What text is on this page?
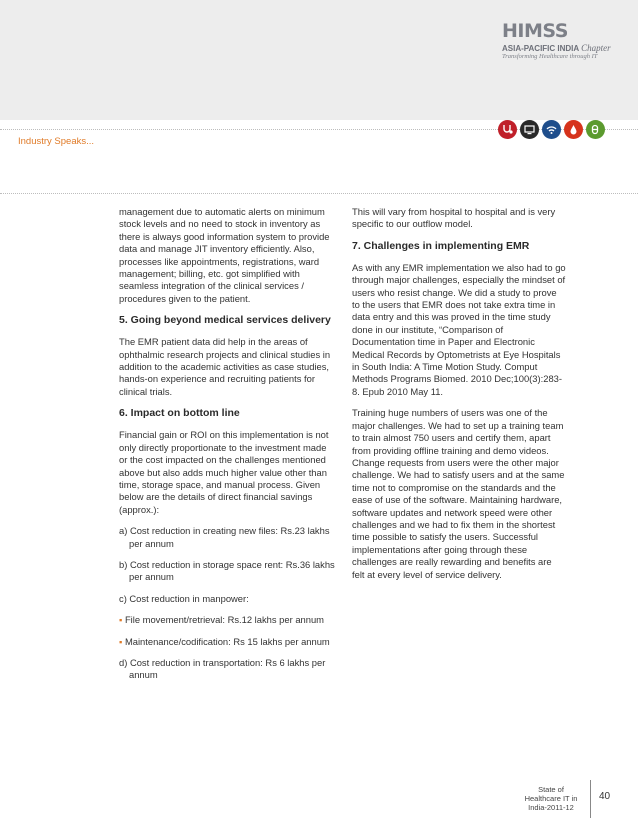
HIMSS
ASIA-PACIFIC INDIA Chapter
Transforming Healthcare through IT
Industry Speaks...

management due to automatic alerts on minimum stock levels and no need to stock in inventory as there is always good information system to provide data and manage JIT inventory efficiently. Also, processes like appointments, registrations, ward management; billing, etc. got simplified with seamless integration of the clinical services / procedures given to the patient.

5. Going beyond medical services delivery

The EMR patient data did help in the areas of ophthalmic research projects and clinical studies in addition to the academic activities as case studies, hands-on experience and recruiting patients for clinical trials.

6. Impact on bottom line

Financial gain or ROI on this implementation is not only directly proportionate to the investment made or the cost impacted on the challenges mentioned above but also adds much higher value other than time, storage space, and manual process. Given below are the details of direct financial savings (approx.):

a) Cost reduction in creating new files: Rs.23 lakhs per annum

b) Cost reduction in storage space rent: Rs.36 lakhs per annum

c) Cost reduction in manpower:

▪ File movement/retrieval: Rs.12 lakhs per annum

▪ Maintenance/codification: Rs 15 lakhs per annum

d) Cost reduction in transportation: Rs 6 lakhs per annum

This will vary from hospital to hospital and is very specific to our outflow model.

7. Challenges in implementing EMR

As with any EMR implementation we also had to go through major challenges, especially the mindset of users who resist change. We did a study to prove to the users that EMR does not take extra time in data entry and this was proved in the time study done in our institute, “Comparison of Documentation time in Paper and Electronic Medical Records by Optometrists at Eye Hospitals in South India: A Time Motion Study. Comput Methods Programs Biomed. 2010 Dec;100(3):283-8. Epub 2010 May 11.

Training huge numbers of users was one of the major challenges. We had to set up a training team to train almost 750 users and certify them, apart from providing offline training and demo videos. Change requests from users were the other major challenge. We had to satisfy users and at the same time not to compromise on the standards and the ease of use of the software. Maintaining hardware, software updates and network speed were other challenges and we had to fix them in the shortest time possible to satisfy the users. Successful implementations after going through these challenges are really rewarding and benefits are felt at every level of service delivery.

State of
Healthcare IT in
India-2011-12
40
